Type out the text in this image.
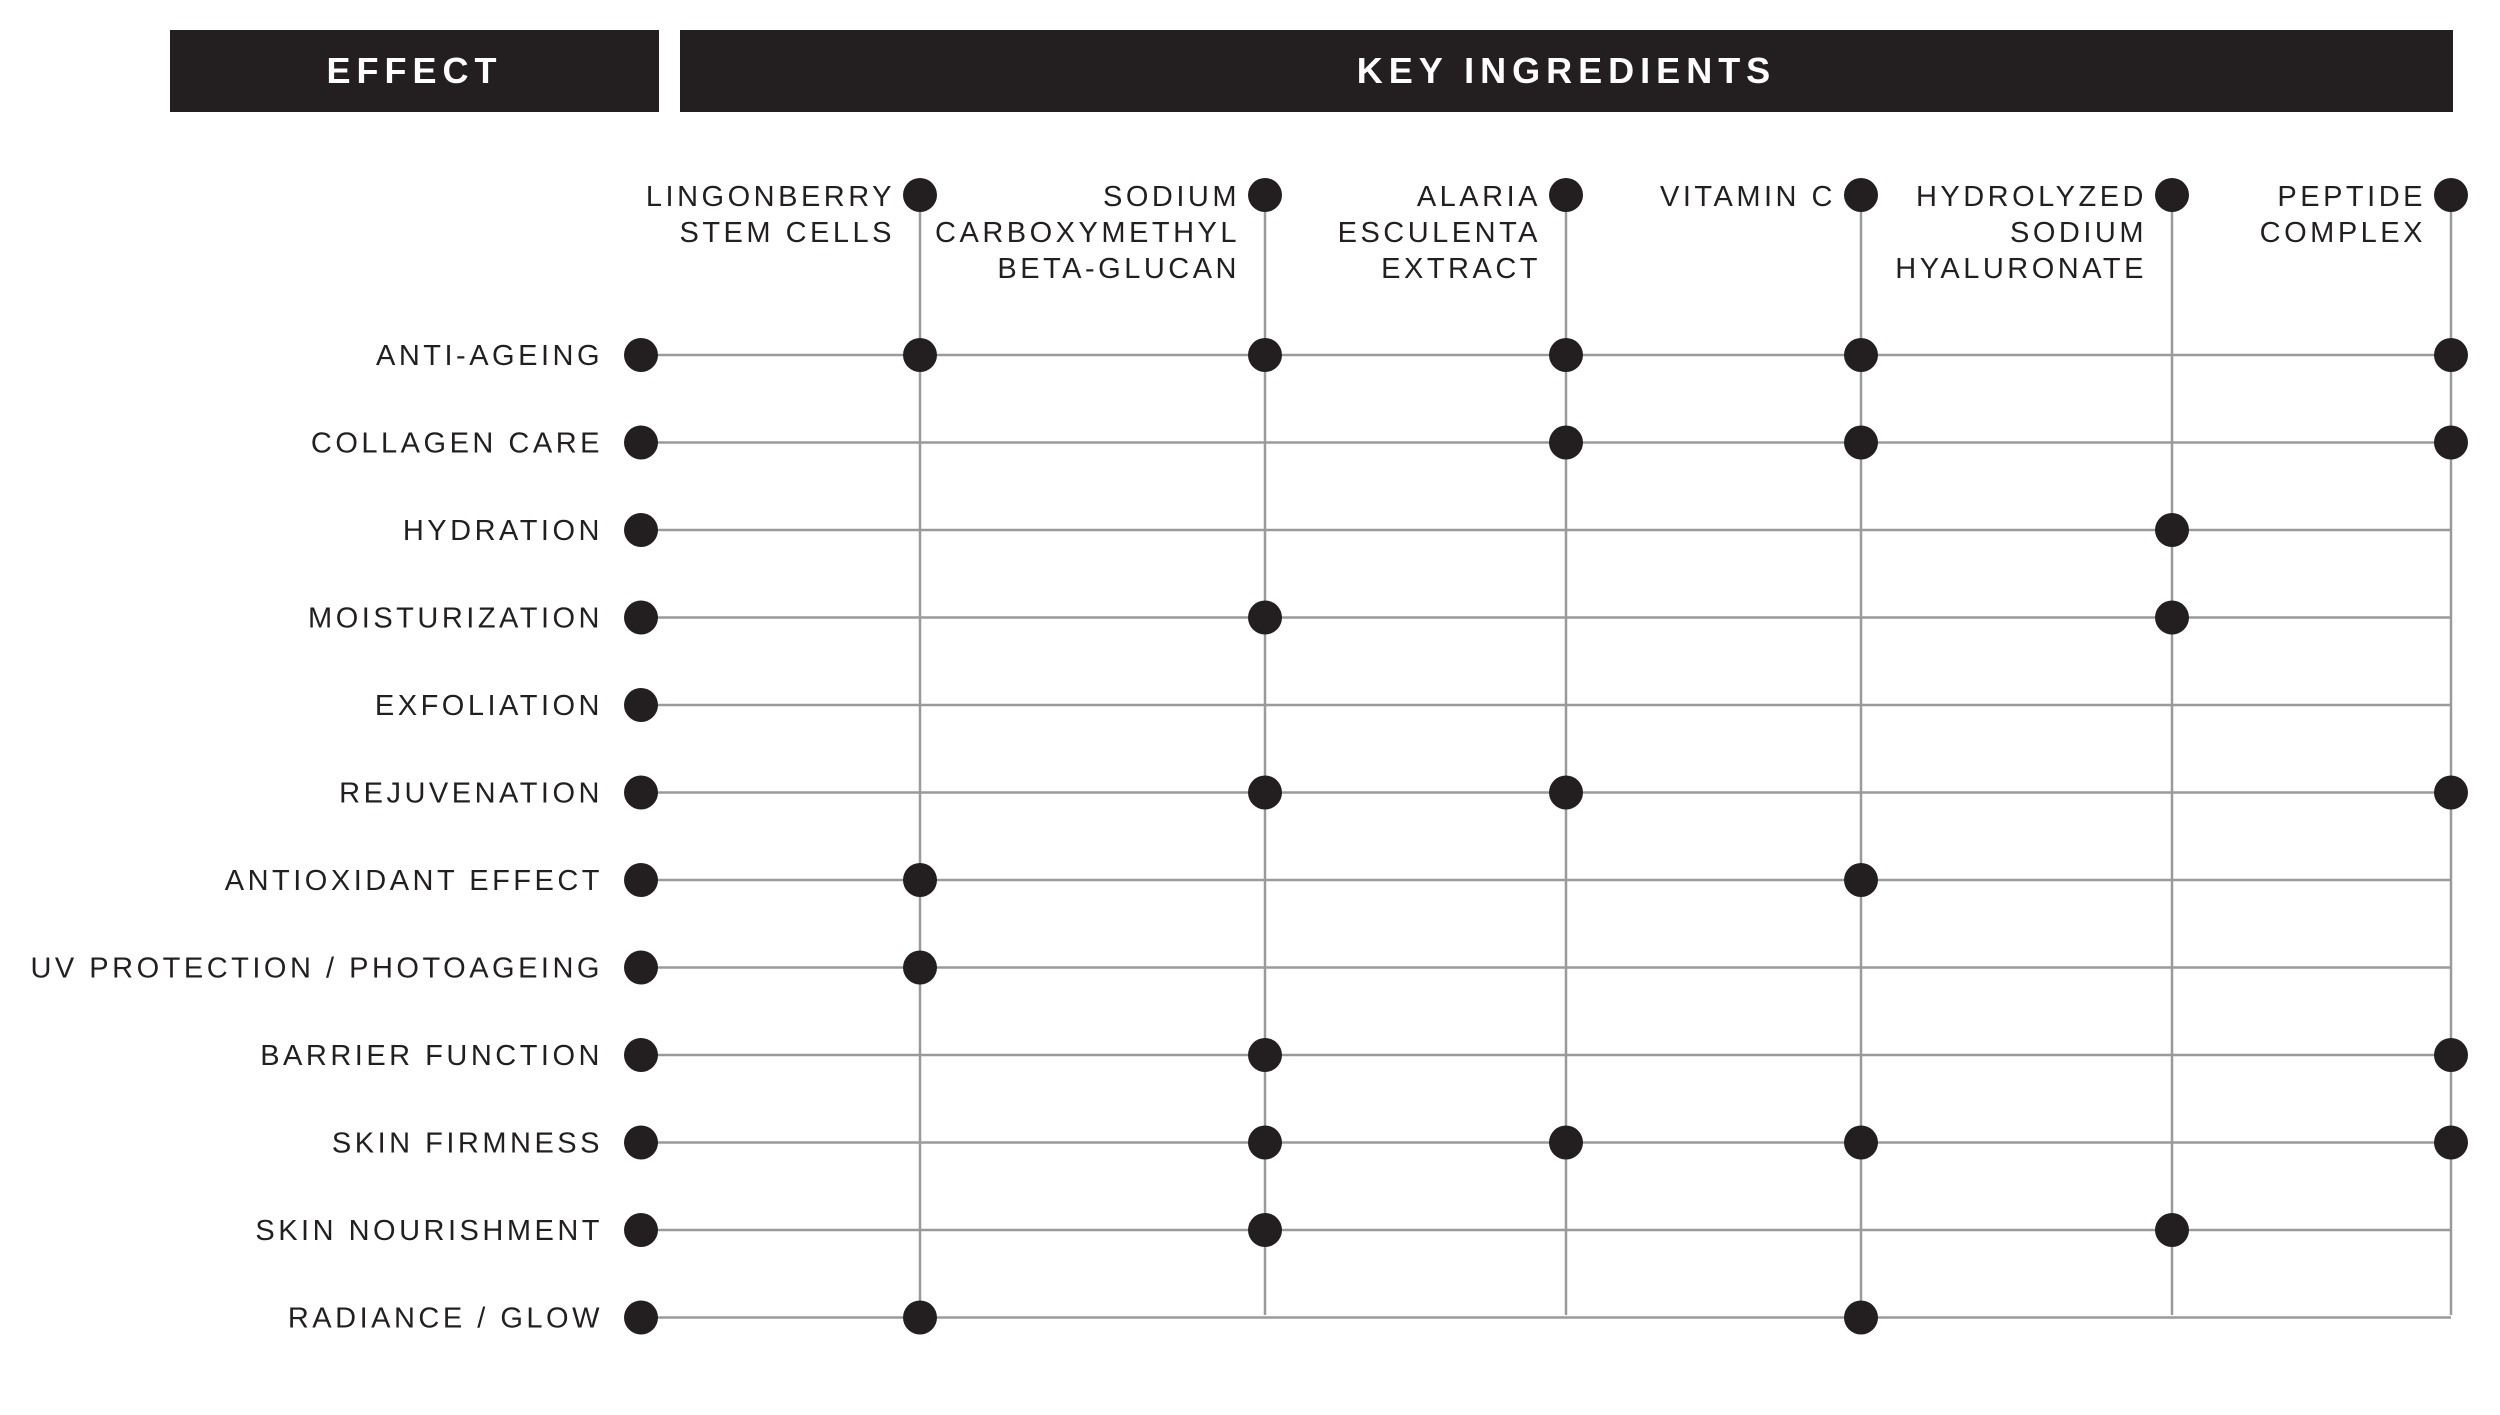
EFFECT	KEY INGREDIENTS
LINGONBERRY
STEM CELLS
SODIUM
CARBOXYMETHYL
BETA-GLUCAN
ALARIA
ESCULENTA
EXTRACT
VITAMIN C	HYDROLYZED
SODIUM
HYALURONATE
PEPTIDE
COMPLEX
ANTI-AGEING
COLLAGEN CARE
HYDRATION
MOISTURIZATION
EXFOLIATION
REJUVENATION
ANTIOXIDANT EFFECT
UV PROTECTION / PHOTOAGEING
BARRIER FUNCTION
SKIN FIRMNESS
SKIN NOURISHMENT
RADIANCE / GLOW
